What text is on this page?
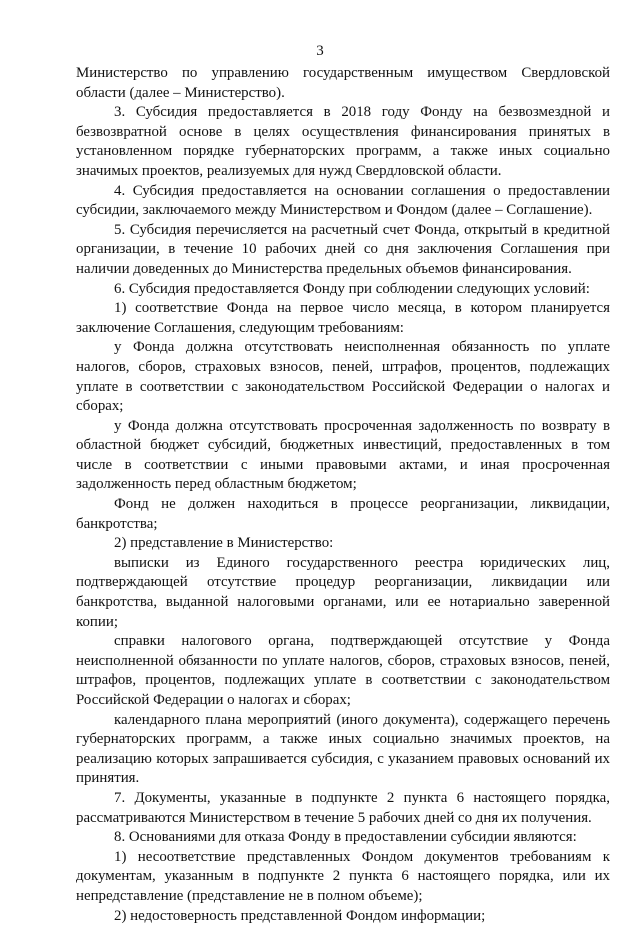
3

Министерство по управлению государственным имуществом Свердловской области (далее – Министерство).

3. Субсидия предоставляется в 2018 году Фонду на безвозмездной и безвозвратной основе в целях осуществления финансирования принятых в установленном порядке губернаторских программ, а также иных социально значимых проектов, реализуемых для нужд Свердловской области.

4. Субсидия предоставляется на основании соглашения о предоставлении субсидии, заключаемого между Министерством и Фондом (далее – Соглашение).

5. Субсидия перечисляется на расчетный счет Фонда, открытый в кредитной организации, в течение 10 рабочих дней со дня заключения Соглашения при наличии доведенных до Министерства предельных объемов финансирования.

6. Субсидия предоставляется Фонду при соблюдении следующих условий:

1) соответствие Фонда на первое число месяца, в котором планируется заключение Соглашения, следующим требованиям:

у Фонда должна отсутствовать неисполненная обязанность по уплате налогов, сборов, страховых взносов, пеней, штрафов, процентов, подлежащих уплате в соответствии с законодательством Российской Федерации о налогах и сборах;

у Фонда должна отсутствовать просроченная задолженность по возврату в областной бюджет субсидий, бюджетных инвестиций, предоставленных в том числе в соответствии с иными правовыми актами, и иная просроченная задолженность перед областным бюджетом;

Фонд не должен находиться в процессе реорганизации, ликвидации, банкротства;

2) представление в Министерство:

выписки из Единого государственного реестра юридических лиц, подтверждающей отсутствие процедур реорганизации, ликвидации или банкротства, выданной налоговыми органами, или ее нотариально заверенной копии;

справки налогового органа, подтверждающей отсутствие у Фонда неисполненной обязанности по уплате налогов, сборов, страховых взносов, пеней, штрафов, процентов, подлежащих уплате в соответствии с законодательством Российской Федерации о налогах и сборах;

календарного плана мероприятий (иного документа), содержащего перечень губернаторских программ, а также иных социально значимых проектов, на реализацию которых запрашивается субсидия, с указанием правовых оснований их принятия.

7. Документы, указанные в подпункте 2 пункта 6 настоящего порядка, рассматриваются Министерством в течение 5 рабочих дней со дня их получения.

8. Основаниями для отказа Фонду в предоставлении субсидии являются:

1) несоответствие представленных Фондом документов требованиям к документам, указанным в подпункте 2 пункта 6 настоящего порядка, или их непредставление (представление не в полном объеме);

2) недостоверность представленной Фондом информации;
